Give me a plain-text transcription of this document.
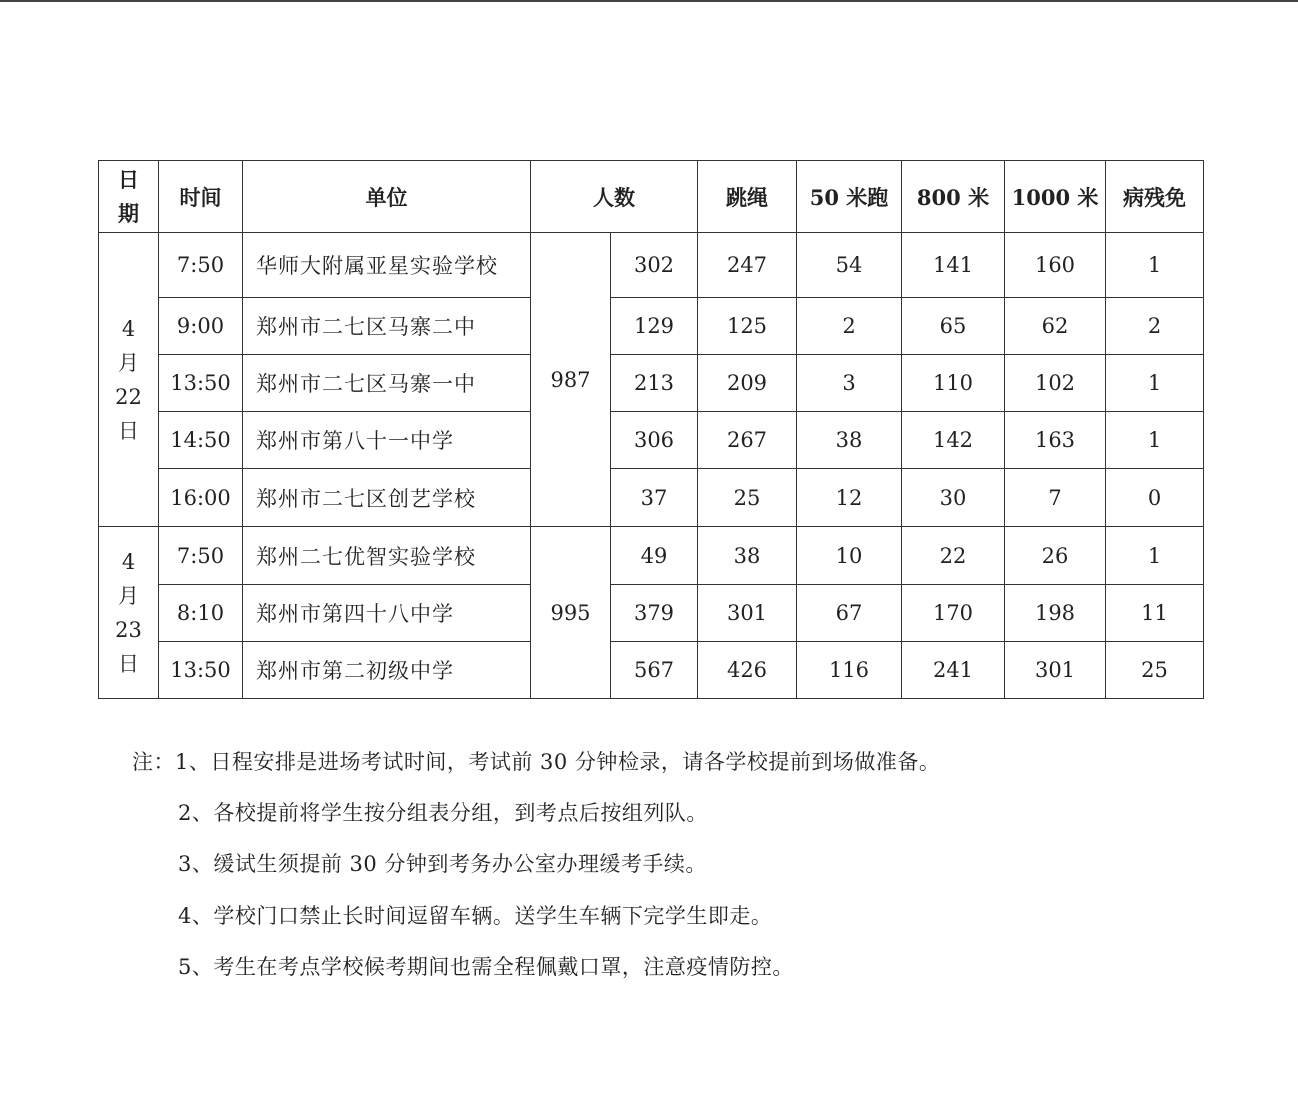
日期	时间	单位	人数		跳绳	50 米跑	800 米	1000 米	病残免

4
月
22
日	7:50	华师大附属亚星实验学校	987	302	247	54	141	160	1
	9:00	郑州市二七区马寨二中		129	125	2	65	62	2
	13:50	郑州市二七区马寨一中		213	209	3	110	102	1
	14:50	郑州市第八十一中学		306	267	38	142	163	1
	16:00	郑州市二七区创艺学校		37	25	12	30	7	0

4
月
23
日	7:50	郑州二七优智实验学校	995	49	38	10	22	26	1
	8:10	郑州市第四十八中学		379	301	67	170	198	11
	13:50	郑州市第二初级中学		567	426	116	241	301	25
注：1、日程安排是进场考试时间，考试前 30 分钟检录，请各学校提前到场做准备。
2、各校提前将学生按分组表分组，到考点后按组列队。
3、缓试生须提前 30 分钟到考务办公室办理缓考手续。
4、学校门口禁止长时间逗留车辆。送学生车辆下完学生即走。
5、考生在考点学校候考期间也需全程佩戴口罩，注意疫情防控。
